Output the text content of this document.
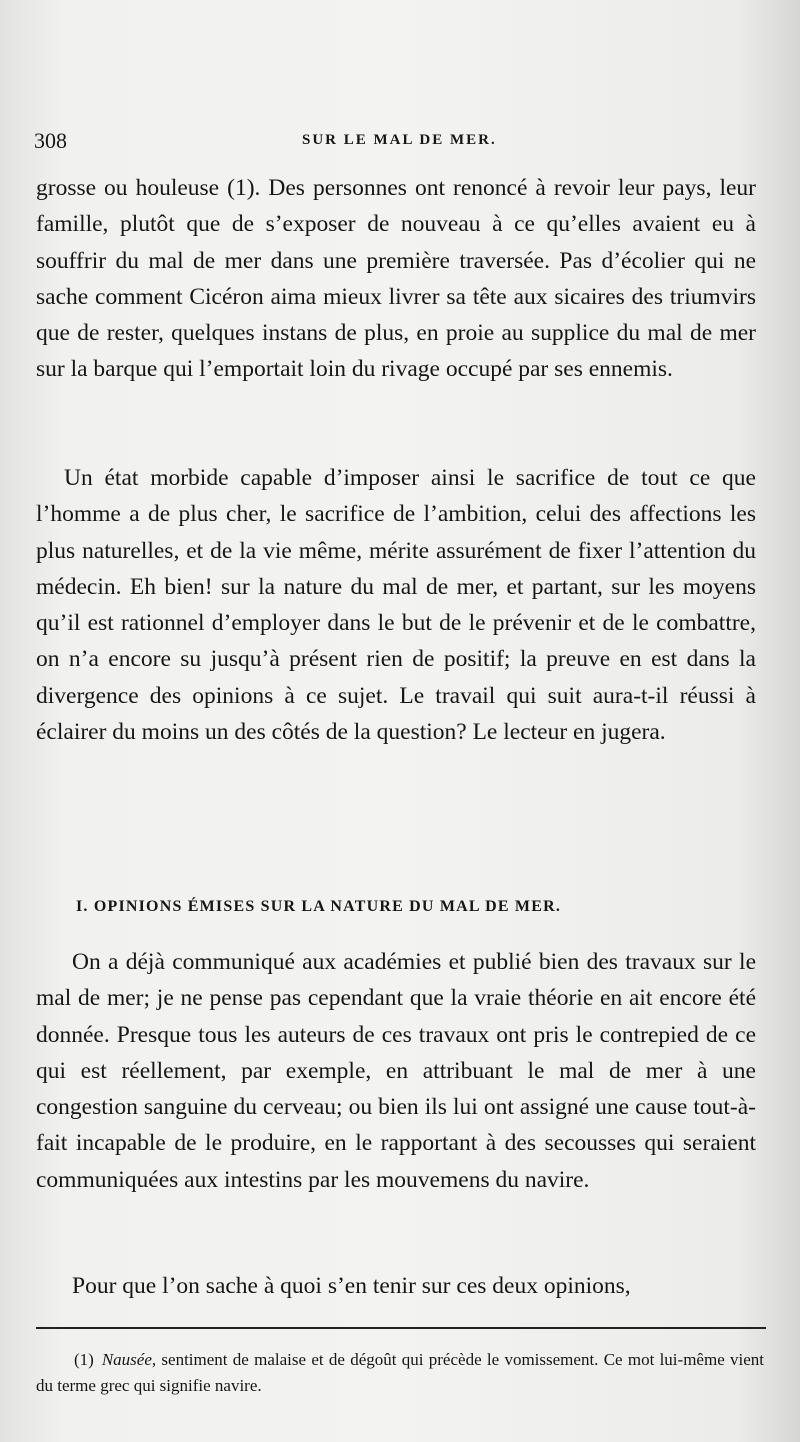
308	SUR LE MAL DE MER.
grosse ou houleuse (1). Des personnes ont renoncé à revoir leur pays, leur famille, plutôt que de s’exposer de nouveau à ce qu’elles avaient eu à souffrir du mal de mer dans une première traversée. Pas d’écolier qui ne sache comment Cicéron aima mieux livrer sa tête aux sicaires des triumvirs que de rester, quelques instans de plus, en proie au supplice du mal de mer sur la barque qui l’emportait loin du rivage occupé par ses ennemis.
Un état morbide capable d’imposer ainsi le sacrifice de tout ce que l’homme a de plus cher, le sacrifice de l’ambition, celui des affections les plus naturelles, et de la vie même, mérite assurément de fixer l’attention du médecin. Eh bien! sur la nature du mal de mer, et partant, sur les moyens qu’il est rationnel d’employer dans le but de le prévenir et de le combattre, on n’a encore su jusqu’à présent rien de positif; la preuve en est dans la divergence des opinions à ce sujet. Le travail qui suit aura-t-il réussi à éclairer du moins un des côtés de la question? Le lecteur en jugera.
I. OPINIONS ÉMISES SUR LA NATURE DU MAL DE MER.
On a déjà communiqué aux académies et publié bien des travaux sur le mal de mer; je ne pense pas cependant que la vraie théorie en ait encore été donnée. Presque tous les auteurs de ces travaux ont pris le contrepied de ce qui est réellement, par exemple, en attribuant le mal de mer à une congestion sanguine du cerveau; ou bien ils lui ont assigné une cause tout-à-fait incapable de le produire, en le rapportant à des secousses qui seraient communiquées aux intestins par les mouvemens du navire.
Pour que l’on sache à quoi s’en tenir sur ces deux opinions,
(1) Nausée, sentiment de malaise et de dégoût qui précède le vomissement. Ce mot lui-même vient du terme grec qui signifie navire.
